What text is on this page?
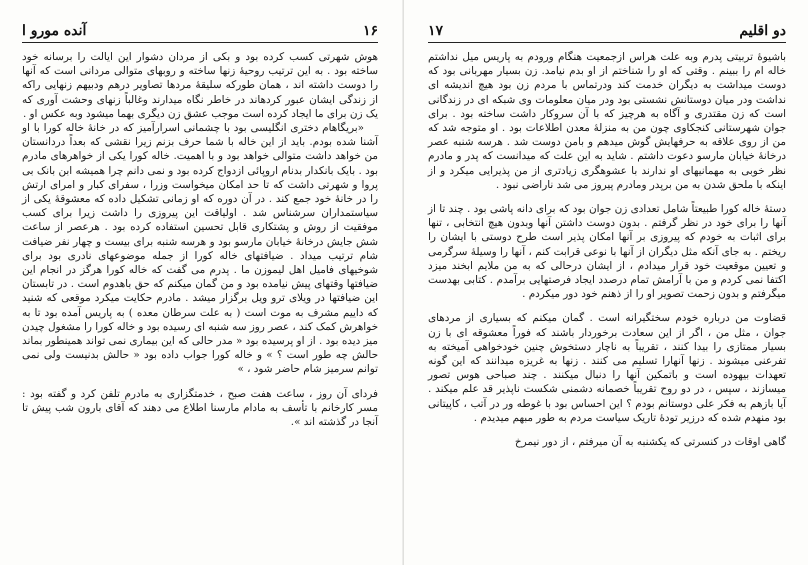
آنده مورو ا	۱۶

هوش شهرتی کسب کرده بود و بکی از مردان دشوار این ایالت را برسانه خود ساخته بود . به این ترتیب روحیهٔ زنها ساخته و روبهای متوالی مردانی است که آنها را دوست داشته اند ، همان طورکه سلیقهٔ مردها تصاویر درهم ودبیهم زنهایی راکه از زندگی ایشان عبور کردهاند در خاطر نگاه میدارند وغالباً زنهای وحشت آوری که یک زن برای ما ایجاد کرده است موجب عشق زن دیگری بهما میشود وبه عکس او .

«بریگاهام دختری انگلیسی بود با چشمانی اسرارآمیز که در خانهٔ خاله کورا با او آشنا شده بودم. باید از این خاله با شما حرف بزنم زیرا نقشی که بعداً دردانستان من خواهد داشت متوالی خواهد بود و با اهمیت. خاله کورا یکی از خواهرهای مادرم بود . بایک بانکدار بدنام اروپائی ازدواج کرده بود و نمی دانم چرا همیشه ابن بانک بی پروا و شهرتی داشت که تا حد امکان میخواست وزرا ، سفرای کبار و امرای ارتش را در خانهٔ خود جمع کند . در آن دوره که او زمانی تشکیل داده که معشوقهٔ یکی از سیاستمداران سرشناس شد . اولیاقت این پیروزی را داشت زیرا برای کسب موفقیت از روش و پشتکاری قابل تحسین استفاده کرده بود . هرعصر از ساعت شش جایش درخانهٔ خیابان مارسو بود و هرسه شنبه برای بیست و چهار نفر ضیافت شام ترتیب میداد . ضیافتهای خاله کورا از جمله موضوعهای نادری بود برای شوخیهای فامیل اهل لیموزن ما . پدرم می گفت که خاله کورا هرگز در انجام این ضیافتها وقتهای پیش نیامده بود و من گمان میکنم که حق باهدوم است . در تابستان این ضیافتها در ویلای ترو ویل برگزار میشد . مادرم حکایت میکرد موقعی که شنید که داییم مشرف به موت است ( به علت سرطان معده ) به پاریس آمده بود تا به خواهرش کمک کند ، عصر روز سه شنبه ای رسیده بود و خاله کورا را مشغول چیدن میز دیده بود . از او پرسیده بود « مدر حالی که این بیماری نمی تواند همینطور بماند حالش چه طور است ؟ » و خاله کورا جواب داده بود « حالش بدنیست ولی نمی توانم سرمیز شام حاضر شود ، »

فردای آن روز ، ساعت هفت صبح ، خدمتگزاری به مادرم تلفن کرد و گفته بود : مسر کارخانم با تأسف به مادام مارسنا اطلاع می دهند که آقای بارون شب پیش تا آنجا در گذشته اند ».

۱۷	دو اقلیم

باشیوهٔ تربیتی پدرم وبه علت هراس ازجمعیت هنگام ورودم به پاریس میل نداشتم خاله ام را ببینم . وقتی که او را شناختم از او بدم نیامد. زن بسیار مهربانی بود که دوست میداشت به دیگران خدمت کند ودرتماس با مردم زن بود هیچ اندیشه ای نداشت ودر میان دوستانش نشستی بود ودر میان معلومات وی شبکه ای در زندگانی است که زن مقتدری و آگاه به هرچیز که با آن سروکار داشت ساخته بود . برای جوان شهرستانی کنجکاوی چون من به منزلهٔ معدن اطلاعات بود . او متوجه شد که من از روی علاقه به حرفهایش گوش میدهم و بامن دوست شد . هرسه شنبه عصر درخانهٔ خیابان مارسو دعوت داشتم . شاید به این علت که میدانست که پدر و مادرم نظر خوبی به مهمانیهای او ندارند با عشوهگری زیادتری از من پذیرایی میکرد و از اینکه با ملحق شدن به من برپدر ومادرم پیروز می شد ناراضی نبود .

دستهٔ خاله کورا طبیعتاً شامل تعدادی زن جوان بود که برای دانه پاشی بود . چند تا از آنها را برای خود در نظر گرفتم . بدون دوست داشتن آنها وبدون هیچ انتخابی ، تنها برای اثبات به خودم که پیروزی بر آنها امکان پذیر است طرح دوستی با ایشان را ریختم . به جای آنکه مثل دیگران از آنها با نوعی قرابت کنم ، آنها را وسیلهٔ سرگرمی و تعیین موقعیت خود قرار میدادم ، از ایشان درحالی که به من ملایم ابخند میزد اکتفا نمی کردم و من با آرامش تمام درصدد ایجاد فرصتهایی برآمدم . کتابی بهدست میگرفتم و بدون زحمت تصویر او را از ذهنم خود دور میکردم .

قضاوت من درباره خودم سختگیرانه است . گمان میکنم که بسیاری از مردهای جوان ، مثل من ، اگر از این سعادت برخوردار باشند که فوراً معشوقه ای با زن بسیار ممتازی را بیدا کنند ، تقریباً به ناچار دستخوش چنین خودخواهی آمیخته به تفرعنی میشوند . زنها آنهارا تسلیم می کنند . زنها به غریزه میدانند که این گونه تعهدات بیهوده است و باتمکین آنها را دنبال میکنند . چند صباحی هوس تصور میسازند ، سپس ، در دو روح تقریباً خصمانه دشمنی شکست ناپذیر قد علم میکند . آیا بازهم به فکر علی دوستانم بودم ؟ این احساس بود با غوطه ور در آتب ، کاپیتانی بود منهدم شده که درزیر تودهٔ تاریک سیاست مردم به طور مبهم میدیدم .

گاهی اوقات در کنسرتی که یکشنبه به آن میرفتم ، از دور نیمرخ
